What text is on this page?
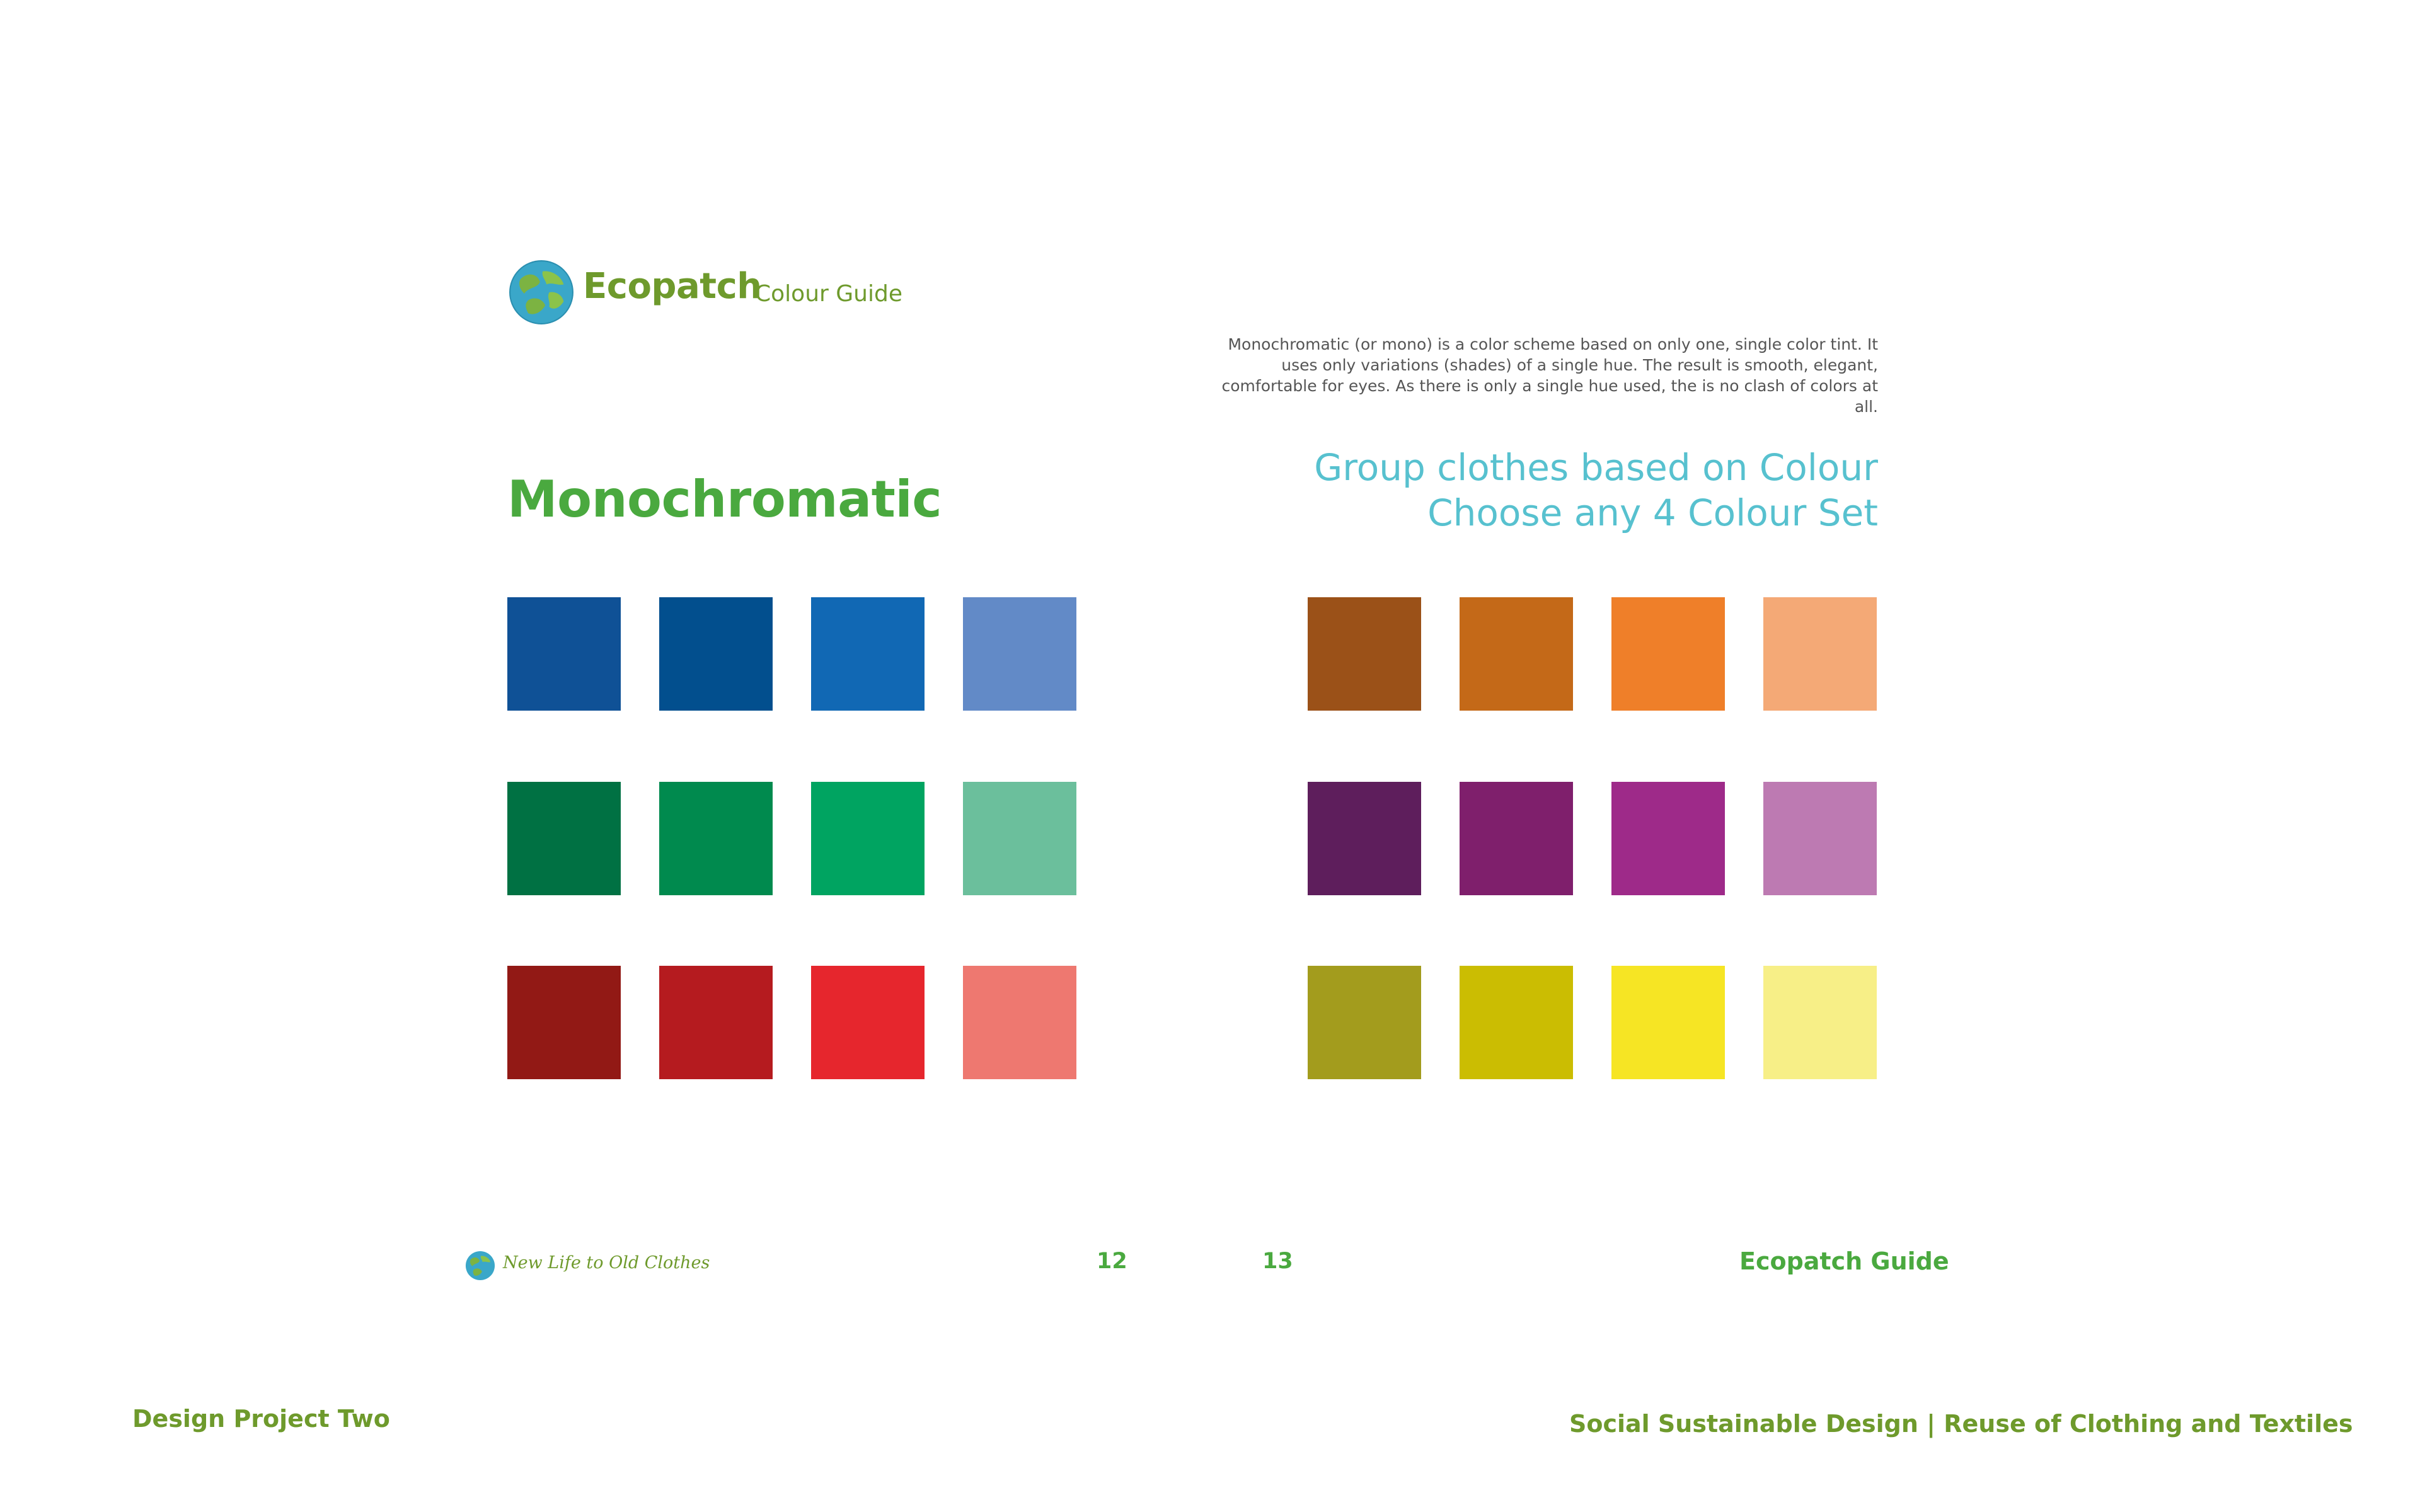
Ecopatch
Colour Guide
Monochromatic
Monochromatic (or mono) is a color scheme based on only one, single color tint. It uses only variations (shades) of a single hue. The result is smooth, elegant, comfortable for eyes. As there is only a single hue used, the is no clash of colors at all.
Group clothes based on Colour
Choose any 4 Colour Set
New Life to Old Clothes	12	13	Ecopatch Guide
Design Project Two	Social Sustainable Design | Reuse of Clothing and Textiles
